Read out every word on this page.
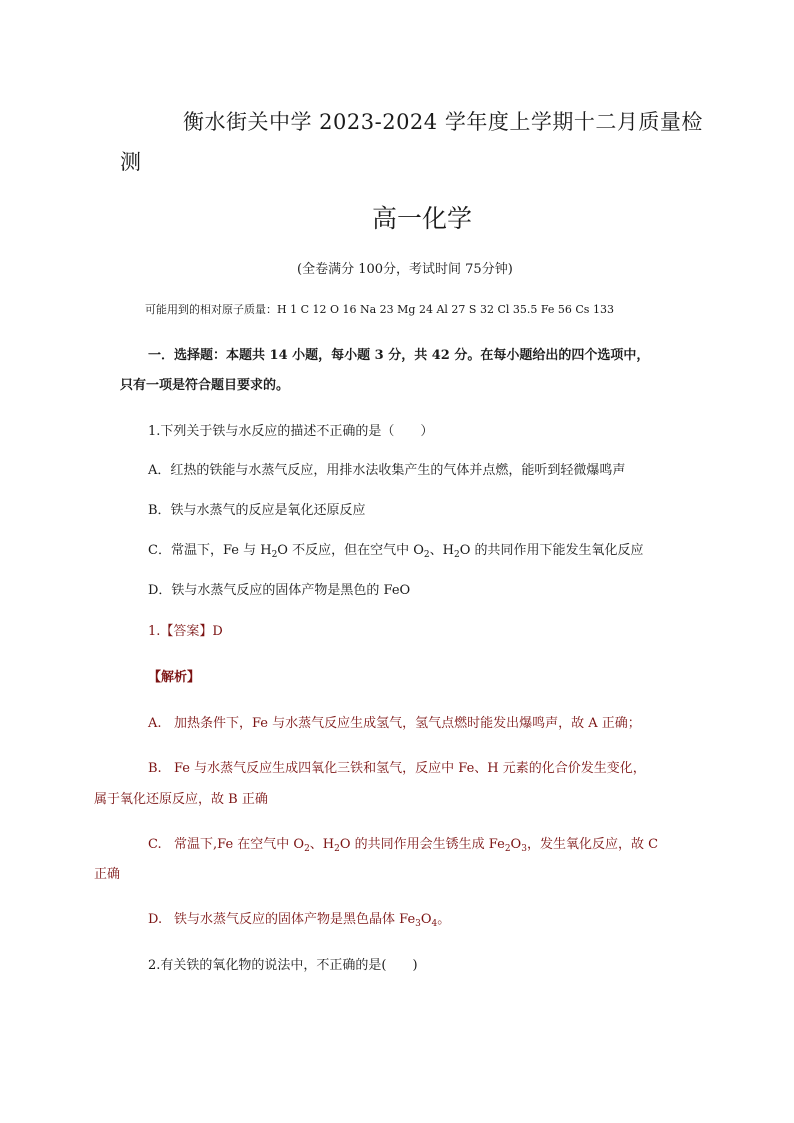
衡水街关中学 2023-2024 学年度上学期十二月质量检
测
高一化学
(全卷满分 100分，考试时间 75分钟)
可能用到的相对原子质量：H 1 C 12 O 16 Na 23 Mg 24 Al 27 S 32 Cl 35.5 Fe 56 Cs 133
一．选择题：本题共 14 小题，每小题 3 分，共 42 分。在每小题给出的四个选项中，
只有一项是符合题目要求的。
1.下列关于铁与水反应的描述不正确的是（　　）
A．红热的铁能与水蒸气反应，用排水法收集产生的气体并点燃，能听到轻微爆鸣声
B．铁与水蒸气的反应是氧化还原反应
C．常温下，Fe 与 $H_2O$ 不反应，但在空气中 $O_2$、$H_2O$ 的共同作用下能发生氧化反应
D．铁与水蒸气反应的固体产物是黑色的 FeO
1.【答案】D
【解析】
A. 加热条件下，Fe 与水蒸气反应生成氢气，氢气点燃时能发出爆鸣声，故 A 正确；
B. Fe 与水蒸气反应生成四氧化三铁和氢气，反应中 Fe、H 元素的化合价发生变化，
属于氧化还原反应，故 B 正确
C. 常温下,Fe 在空气中 $O_2$、$H_2O$ 的共同作用会生锈生成 $Fe_2O_3$，发生氧化反应，故 C
正确
D. 铁与水蒸气反应的固体产物是黑色晶体 $Fe_3O_4$。
2.有关铁的氧化物的说法中，不正确的是(　　)
